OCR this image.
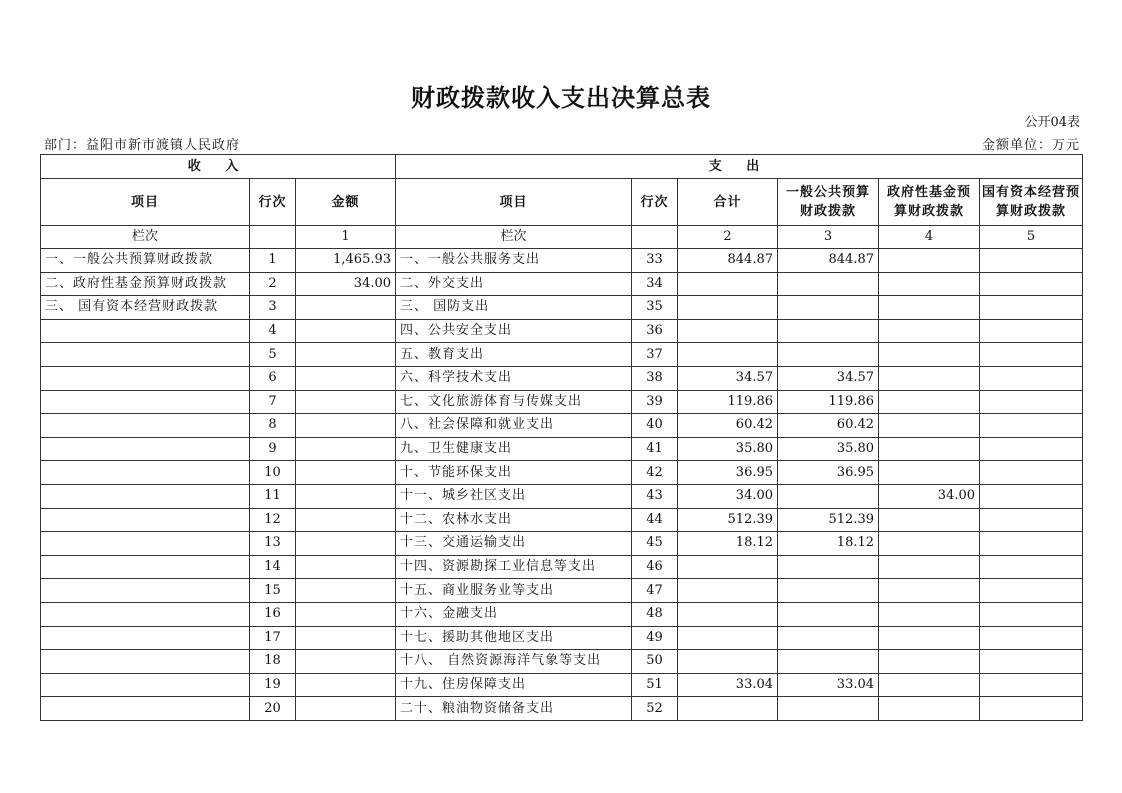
财政拨款收入支出决算总表
公开04表
部门：益阳市新市渡镇人民政府	金额单位：万元
收 入			支 出					
项目	行次	金额	项目	行次	合计	一般公共预算财政拨款	政府性基金预算财政拨款	国有资本经营预算财政拨款
栏次		1	栏次		2	3	4	5
一、一般公共预算财政拨款	1	1,465.93	一、一般公共服务支出	33	844.87	844.87		
二、政府性基金预算财政拨款	2	34.00	二、外交支出	34				
三、 国有资本经营财政拨款	3		三、 国防支出	35				
	4		四、公共安全支出	36				
	5		五、教育支出	37				
	6		六、科学技术支出	38	34.57	34.57		
	7		七、文化旅游体育与传媒支出	39	119.86	119.86		
	8		八、社会保障和就业支出	40	60.42	60.42		
	9		九、卫生健康支出	41	35.80	35.80		
	10		十、节能环保支出	42	36.95	36.95		
	11		十一、城乡社区支出	43	34.00		34.00	
	12		十二、农林水支出	44	512.39	512.39		
	13		十三、交通运输支出	45	18.12	18.12		
	14		十四、资源勘探工业信息等支出	46				
	15		十五、商业服务业等支出	47				
	16		十六、金融支出	48				
	17		十七、援助其他地区支出	49				
	18		十八、 自然资源海洋气象等支出	50				
	19		十九、住房保障支出	51	33.04	33.04		
	20		二十、粮油物资储备支出	52				
